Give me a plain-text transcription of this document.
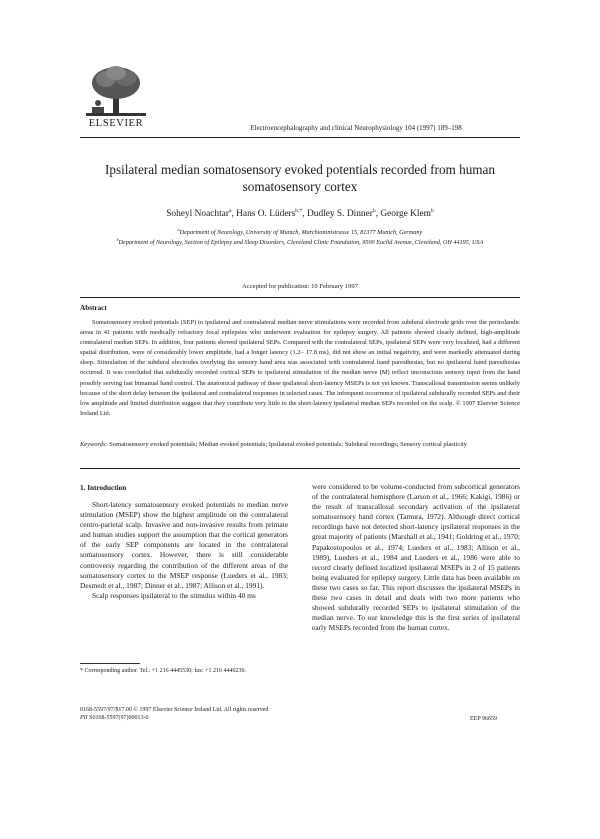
ELSEVIER	Electroencephalography and clinical Neurophysiology 104 (1997) 189–198
Ipsilateral median somatosensory evoked potentials recorded from human somatosensory cortex
Soheyl Noachtar$^a$, Hans O. Lüders$^{b,*}$, Dudley S. Dinner$^b$, George Klem$^b$
$^a$Department of Neurology, University of Munich, Marchioninistrasse 15, 81377 Munich, Germany
$^b$Department of Neurology, Section of Epilepsy and Sleep Disorders, Cleveland Clinic Foundation, 9500 Euclid Avenue, Cleveland, OH 44195, USA
Accepted for publication: 10 February 1997
Abstract

Somatosensory evoked potentials (SEP) to ipsilateral and contralateral median nerve stimulations were recorded from subdural electrode grids over the perirolandic areas in 41 patients with medically refractory focal epilepsies who underwent evaluation for epilepsy surgery. All patients showed clearly defined, high-amplitude contralateral median SEPs. In addition, four patients showed ipsilateral SEPs. Compared with the contralateral SEPs, ipsilateral SEPs were very localized, had a different spatial distribution, were of considerably lower amplitude, had a longer latency (1.2– 17.8 ms), did not show an initial negativity, and were markedly attenuated during sleep. Stimulation of the subdural electrodes overlying the sensory hand area was associated with contralateral hand paresthesias, but no ipsilateral hand paresthesias occurred. It was concluded that subdurally recorded cortical SEPs to ipsilateral stimulation of the median nerve (M) reflect unconscious sensory input from the hand possibly serving fast bimanual hand control. The anatomical pathway of these ipsilateral short-latency MSEPs is not yet known. Transcallosal transmission seems unlikely because of the short delay between the ipsilateral and contralateral responses in selected cases. The infrequent occurrence of ipsilateral subdurally recorded SEPs and their low amplitude and limited distribution suggest that they contribute very little to the short-latency ipsilateral median SEPs recorded on the scalp. © 1997 Elsevier Science Ireland Ltd.

Keywords: Somatosensory evoked potentials; Median evoked potentials; Ipsilateral evoked potentials; Subdural recordings; Sensory cortical plasticity
1. Introduction

Short-latency somatosensory evoked potentials to median nerve stimulation (MSEP) show the highest amplitude on the contralateral centro-parietal scalp. Invasive and non-invasive results from primate and human studies support the assumption that the cortical generators of the early SEP components are located in the contralateral somatosensory cortex. However, there is still considerable controversy regarding the contribution of the different areas of the somatosensory cortex to the MSEP response (Lueders et al., 1983; Desmedt et al., 1987; Dinner et al., 1987; Allison et al., 1991).

Scalp responses ipsilateral to the stimulus within 40 ms

were considered to be volume-conducted from subcortical generators of the contralateral hemisphere (Larson et al., 1966; Kakigi, 1986) or the result of transcallosal secondary activation of the ipsilateral somatosensory hand cortex (Tamura, 1972). Although direct cortical recordings have not detected short-latency ipsilateral responses in the great majority of patients (Marshall et al., 1941; Goldring et al., 1970; Papakostopoulos et al., 1974; Lueders et al., 1983; Allison et al., 1989), Lueders et al., 1984 and Lueders et al., 1986 were able to record clearly defined localized ipsilateral MSEPs in 2 of 15 patients being evaluated for epilepsy surgery. Little data has been available on these two cases so far. This report discusses the ipsilateral MSEPs in these two cases in detail and deals with two more patients who showed subdurally recorded SEPs to ipsilateral stimulation of the median nerve. To our knowledge this is the first series of ipsilateral early MSEPs recorded from the human cortex.

* Corresponding author. Tel.: +1 216 4445530; fax: +1 216 4440230.
0168-5597/97/$17.00 © 1997 Elsevier Science Ireland Ltd. All rights reserved
PII S0168-5597(97)00013-0	EEP 96659
